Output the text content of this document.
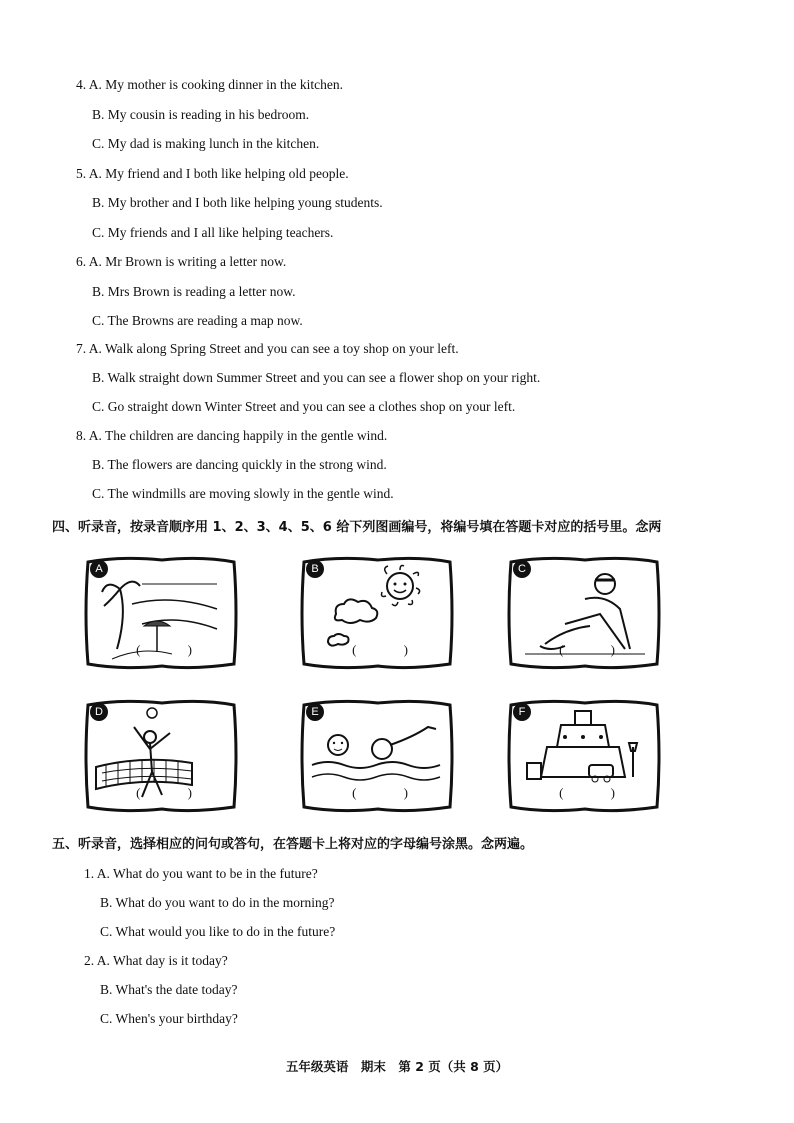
4. A. My mother is cooking dinner in the kitchen.
B. My cousin is reading in his bedroom.
C. My dad is making lunch in the kitchen.
5. A. My friend and I both like helping old people.
B. My brother and I both like helping young students.
C. My friends and I all like helping teachers.
6. A. Mr Brown is writing a letter now.
B. Mrs Brown is reading a letter now.
C. The Browns are reading a map now.
7. A. Walk along Spring Street and you can see a toy shop on your left.
B. Walk straight down Summer Street and you can see a flower shop on your right.
C. Go straight down Winter Street and you can see a clothes shop on your left.
8. A. The children are dancing happily in the gentle wind.
B. The flowers are dancing quickly in the strong wind.
C. The windmills are moving slowly in the gentle wind.
四、听录音，按录音顺序用 1、2、3、4、5、6 给下列图画编号，将编号填在答题卡对应的括号里。念两
A
( )
B
( )
C
( )
D
( )
E
( )
F
( )
五、听录音，选择相应的问句或答句，在答题卡上将对应的字母编号涂黑。念两遍。
1. A. What do you want to be in the future?
B. What do you want to do in the morning?
C. What would you like to do in the future?
2. A. What day is it today?
B. What's the date today?
C. When's your birthday?
五年级英语　期末　第 2 页（共 8 页）
